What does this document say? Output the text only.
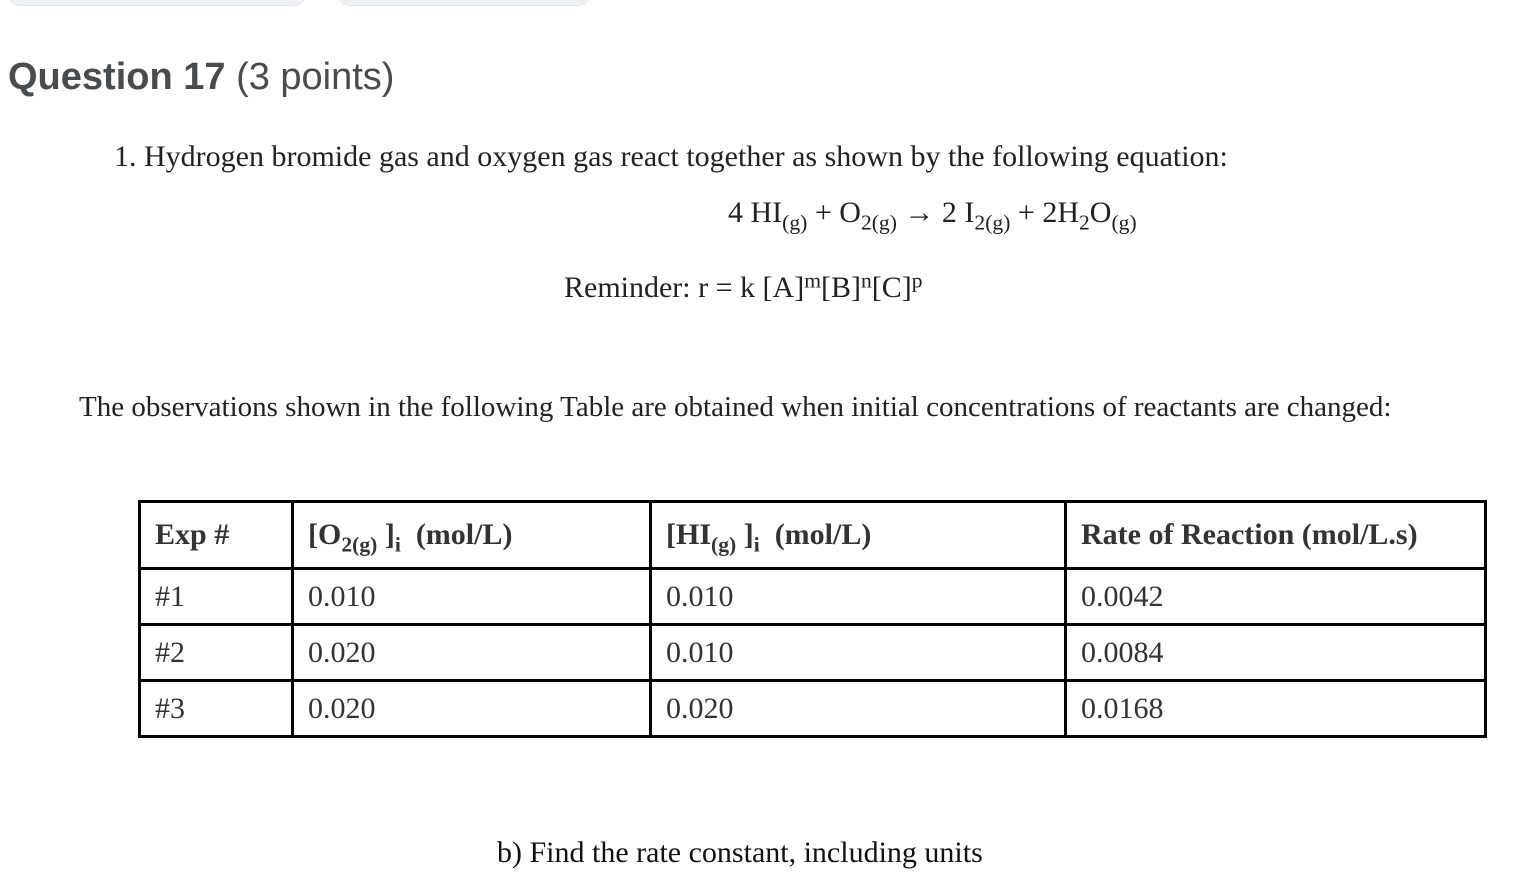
Question 17 (3 points)
1. Hydrogen bromide gas and oxygen gas react together as shown by the following equation:
4 $HI_{(g)} + O_{2(g)} \to 2$ $I_{2(g)} + 2H_2O_{(g)}$
Reminder: r = k $[A]^m[B]^n[C]^p$
The observations shown in the following Table are obtained when initial concentrations of reactants are changed:
Exp #	[$O_{2(g)}$ ]$_i$  (mol/L)	[$HI_{(g)}$ ]$_i$  (mol/L)	Rate of Reaction (mol/L.s)
#1	0.010	0.010	0.0042
#2	0.020	0.010	0.0084
#3	0.020	0.020	0.0168
b) Find the rate constant, including units
